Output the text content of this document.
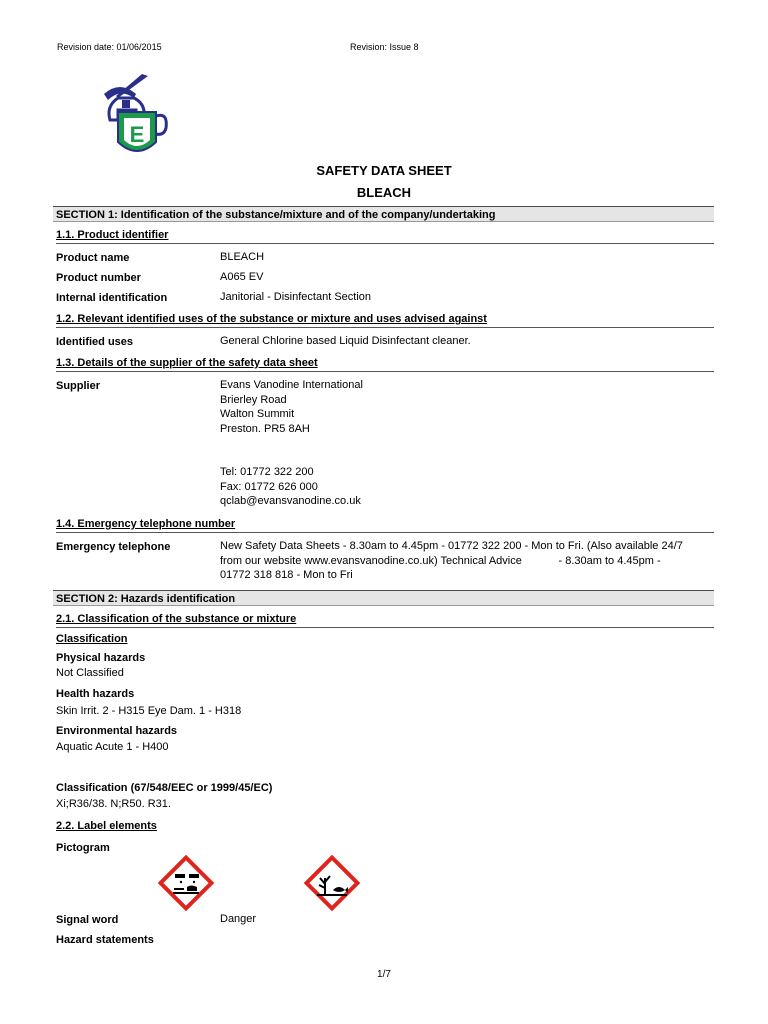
Revision date: 01/06/2015	Revision: Issue 8
E
SAFETY DATA SHEET
BLEACH
SECTION 1: Identification of the substance/mixture and of the company/undertaking
1.1. Product identifier
Product name	BLEACH
Product number	A065 EV
Internal identification	Janitorial - Disinfectant Section
1.2. Relevant identified uses of the substance or mixture and uses advised against
Identified uses	General Chlorine based Liquid Disinfectant cleaner.
1.3. Details of the supplier of the safety data sheet
Supplier	Evans Vanodine International
Brierley Road
Walton Summit
Preston. PR5 8AH
Tel: 01772 322 200
Fax: 01772 626 000
qclab@evansvanodine.co.uk
1.4. Emergency telephone number
Emergency telephone	New Safety Data Sheets - 8.30am to 4.45pm - 01772 322 200 - Mon to Fri. (Also available 24/7
from our website www.evansvanodine.co.uk) Technical Advice            - 8.30am to 4.45pm -
01772 318 818 - Mon to Fri
SECTION 2: Hazards identification
2.1. Classification of the substance or mixture
Classification
Physical hazards
Not Classified
Health hazards
Skin Irrit. 2 - H315 Eye Dam. 1 - H318
Environmental hazards
Aquatic Acute 1 - H400
Classification (67/548/EEC or 1999/45/EC)
Xi;R36/38. N;R50. R31.
2.2. Label elements
Pictogram
Signal word	Danger
Hazard statements
1/7
